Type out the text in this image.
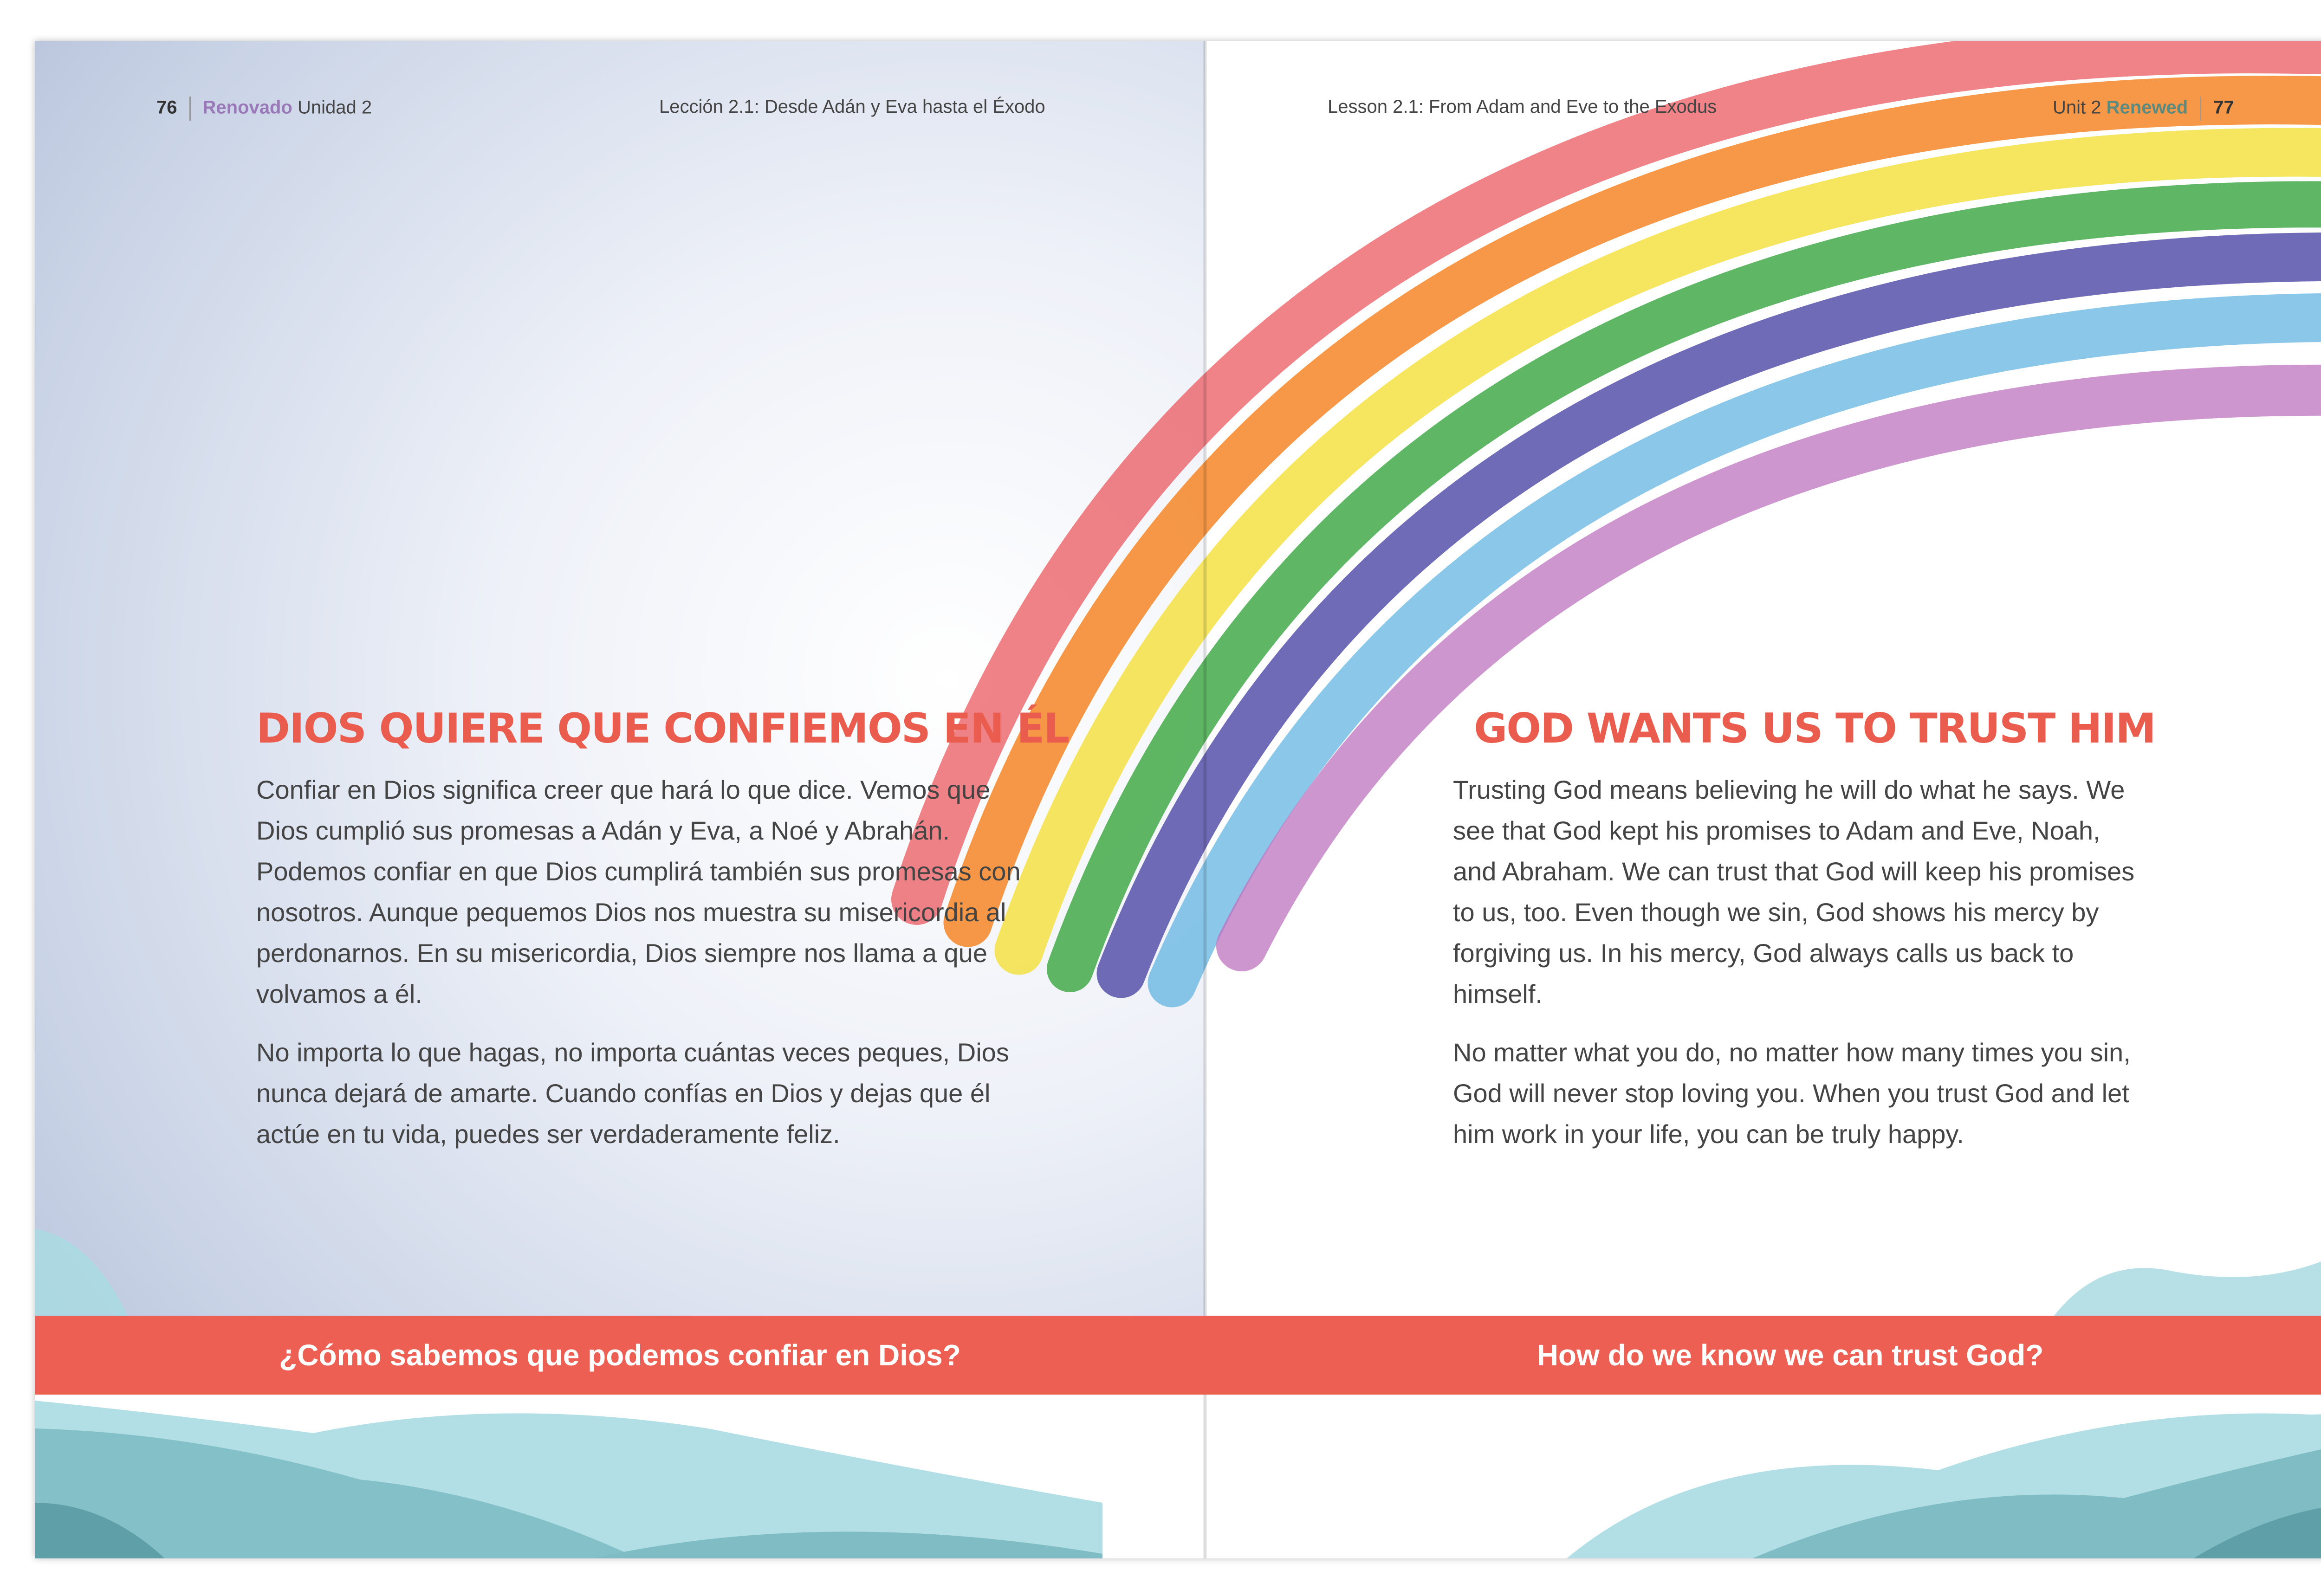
76 Renovado Unidad 2	Lección 2.1: Desde Adán y Eva hasta el Éxodo	Lesson 2.1: From Adam and Eve to the Exodus	Unit 2 Renewed 77
DIOS QUIERE QUE CONFIEMOS EN ÉL	GOD WANTS US TO TRUST HIM

Confiar en Dios significa creer que hará lo que dice. Vemos que Dios cumplió sus promesas a Adán y Eva, a Noé y Abrahán. Podemos confiar en que Dios cumplirá también sus promesas con nosotros. Aunque pequemos Dios nos muestra su misericordia al perdonarnos. En su misericordia, Dios siempre nos llama a que volvamos a él.

No importa lo que hagas, no importa cuántas veces peques, Dios nunca dejará de amarte. Cuando confías en Dios y dejas que él actúe en tu vida, puedes ser verdaderamente feliz.

Trusting God means believing he will do what he says. We see that God kept his promises to Adam and Eve, Noah, and Abraham. We can trust that God will keep his promises to us, too. Even though we sin, God shows his mercy by forgiving us. In his mercy, God always calls us back to himself.

No matter what you do, no matter how many times you sin, God will never stop loving you. When you trust God and let him work in your life, you can be truly happy.

¿Cómo sabemos que podemos confiar en Dios?	How do we know we can trust God?
